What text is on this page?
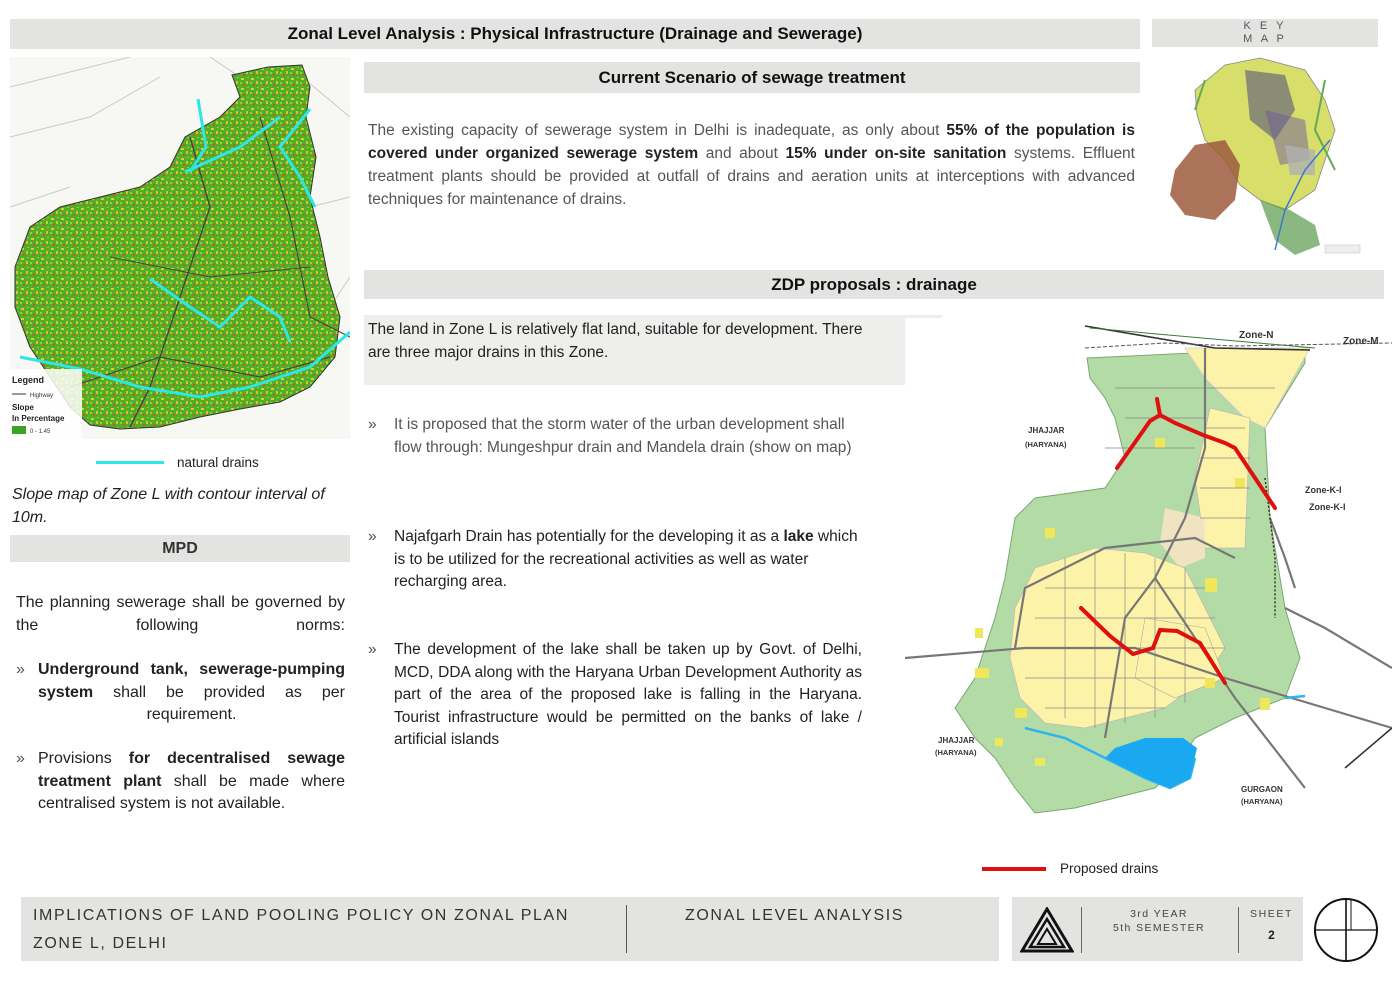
Zonal Level Analysis : Physical Infrastructure (Drainage and Sewerage)	K E Y
M A P
Legend
Highway
Slope
In Percentage
0 - 1.45
natural drains
Slope map of Zone L with contour interval of 10m.
MPD
The planning sewerage shall be governed by the following norms:
» Underground tank, sewerage-pumping system shall be provided as per requirement.
» Provisions for decentralised sewage treatment plant shall be made where centralised system is not available.
Current Scenario of sewage treatment
The existing capacity of sewerage system in Delhi is inadequate, as only about 55% of the population is covered under organized sewerage system and about 15% under on-site sanitation systems. Effluent treatment plants should be provided at outfall of drains and aeration units at interceptions with advanced techniques for maintenance of drains.
ZDP proposals : drainage
The land in Zone L is relatively flat land, suitable for development. There are three major drains in this Zone.
»	It is proposed that the storm water of the urban development shall flow through: Mungeshpur drain and Mandela drain (show on map)
»	Najafgarh Drain has potentially for the developing it as a lake which is to be utilized for the recreational activities as well as water recharging area.
»	The development of the lake shall be taken up by Govt. of Delhi, MCD, DDA along with the Haryana Urban Development Authority as part of the area of the proposed lake is falling in the Haryana. Tourist infrastructure would be permitted on the banks of lake / artificial islands
Zone-N
Zone-M
Zone-K-I
Zone-K-I
JHAJJAR
(HARYANA)
JHAJJAR
(HARYANA)
GURGAON
(HARYANA)
Proposed drains
IMPLICATIONS OF LAND POOLING POLICY ON ZONAL PLAN
ZONE L, DELHI
ZONAL LEVEL ANALYSIS	3rd YEAR
5th SEMESTER
SHEET
2
